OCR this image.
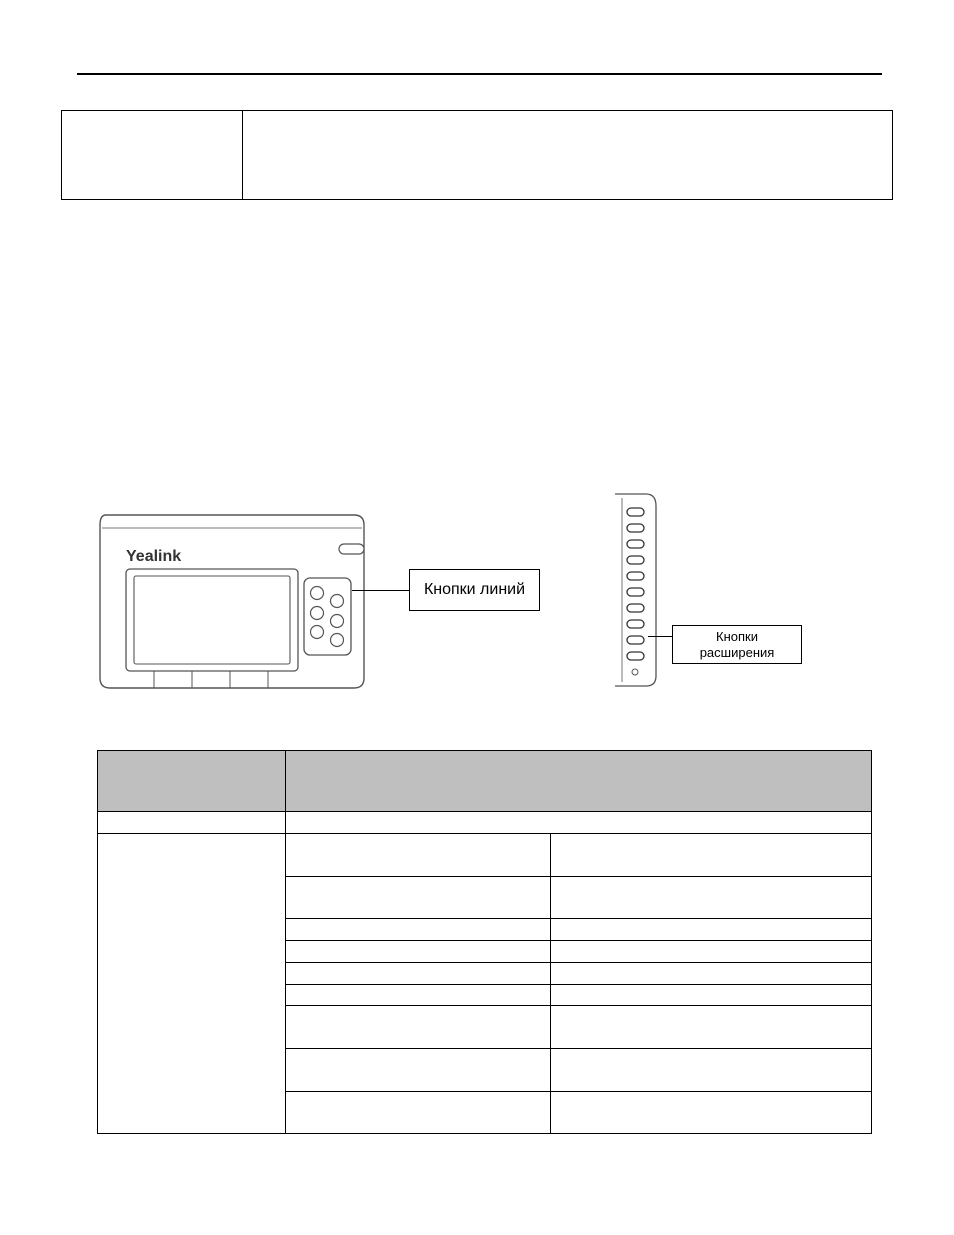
Yealink
Кнопки линий
Кнопки
расширения
